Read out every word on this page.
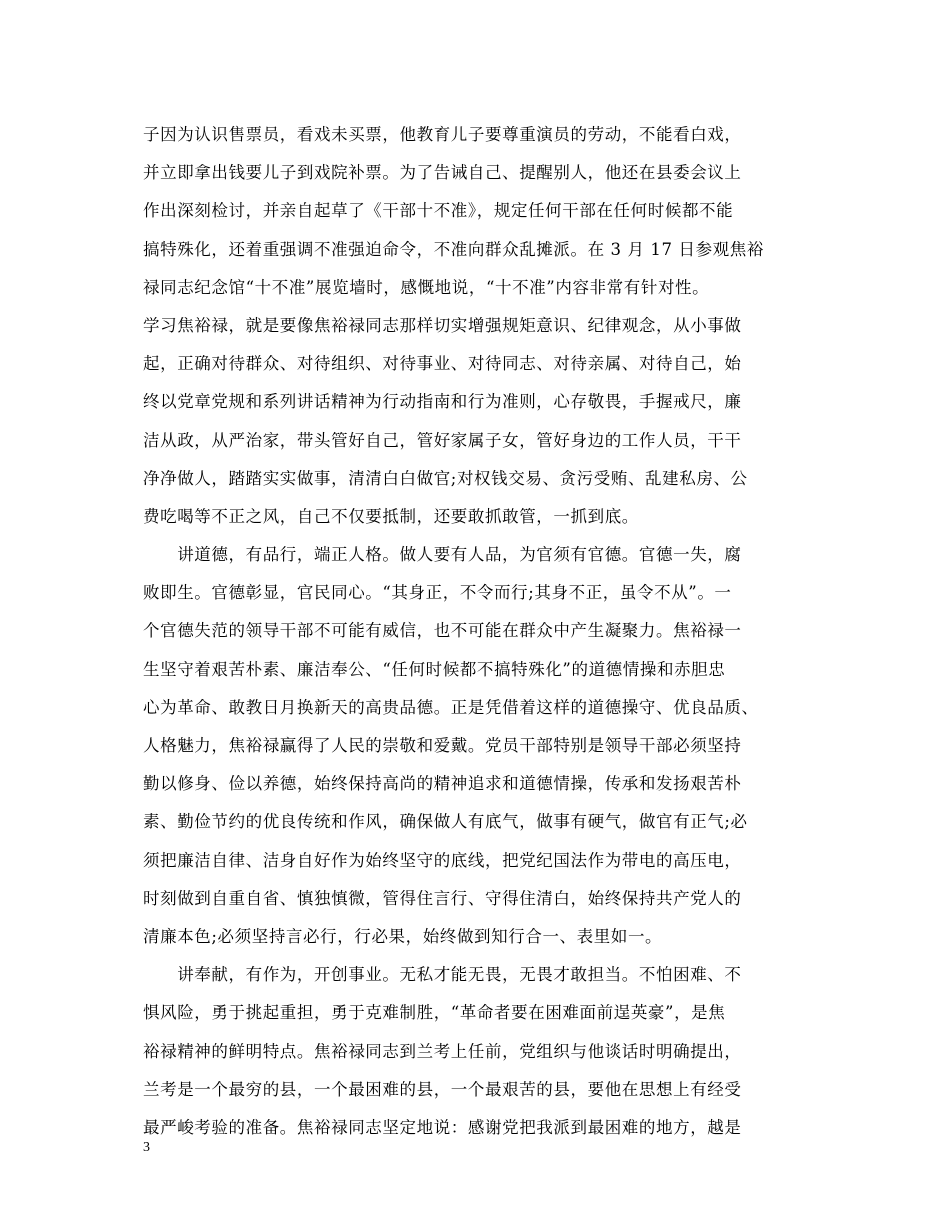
子因为认识售票员，看戏未买票，他教育儿子要尊重演员的劳动，不能看白戏，
并立即拿出钱要儿子到戏院补票。为了告诫自己、提醒别人，他还在县委会议上
作出深刻检讨，并亲自起草了《干部十不准》，规定任何干部在任何时候都不能
搞特殊化，还着重强调不准强迫命令，不准向群众乱摊派。在 3 月 17 日参观焦裕
禄同志纪念馆“十不准”展览墙时，感慨地说，“十不准”内容非常有针对性。
学习焦裕禄，就是要像焦裕禄同志那样切实增强规矩意识、纪律观念，从小事做
起，正确对待群众、对待组织、对待事业、对待同志、对待亲属、对待自己，始
终以党章党规和系列讲话精神为行动指南和行为准则，心存敬畏，手握戒尺，廉
洁从政，从严治家，带头管好自己，管好家属子女，管好身边的工作人员，干干
净净做人，踏踏实实做事，清清白白做官;对权钱交易、贪污受贿、乱建私房、公
费吃喝等不正之风，自己不仅要抵制，还要敢抓敢管，一抓到底。
　　讲道德，有品行，端正人格。做人要有人品，为官须有官德。官德一失，腐
败即生。官德彰显，官民同心。“其身正，不令而行;其身不正，虽令不从”。一
个官德失范的领导干部不可能有威信，也不可能在群众中产生凝聚力。焦裕禄一
生坚守着艰苦朴素、廉洁奉公、“任何时候都不搞特殊化”的道德情操和赤胆忠
心为革命、敢教日月换新天的高贵品德。正是凭借着这样的道德操守、优良品质、
人格魅力，焦裕禄赢得了人民的崇敬和爱戴。党员干部特别是领导干部必须坚持
勤以修身、俭以养德，始终保持高尚的精神追求和道德情操，传承和发扬艰苦朴
素、勤俭节约的优良传统和作风，确保做人有底气，做事有硬气，做官有正气;必
须把廉洁自律、洁身自好作为始终坚守的底线，把党纪国法作为带电的高压电，
时刻做到自重自省、慎独慎微，管得住言行、守得住清白，始终保持共产党人的
清廉本色;必须坚持言必行，行必果，始终做到知行合一、表里如一。
　　讲奉献，有作为，开创事业。无私才能无畏，无畏才敢担当。不怕困难、不
惧风险，勇于挑起重担，勇于克难制胜，“革命者要在困难面前逞英豪”，是焦
裕禄精神的鲜明特点。焦裕禄同志到兰考上任前，党组织与他谈话时明确提出，
兰考是一个最穷的县，一个最困难的县，一个最艰苦的县，要他在思想上有经受
最严峻考验的准备。焦裕禄同志坚定地说：感谢党把我派到最困难的地方，越是
3
